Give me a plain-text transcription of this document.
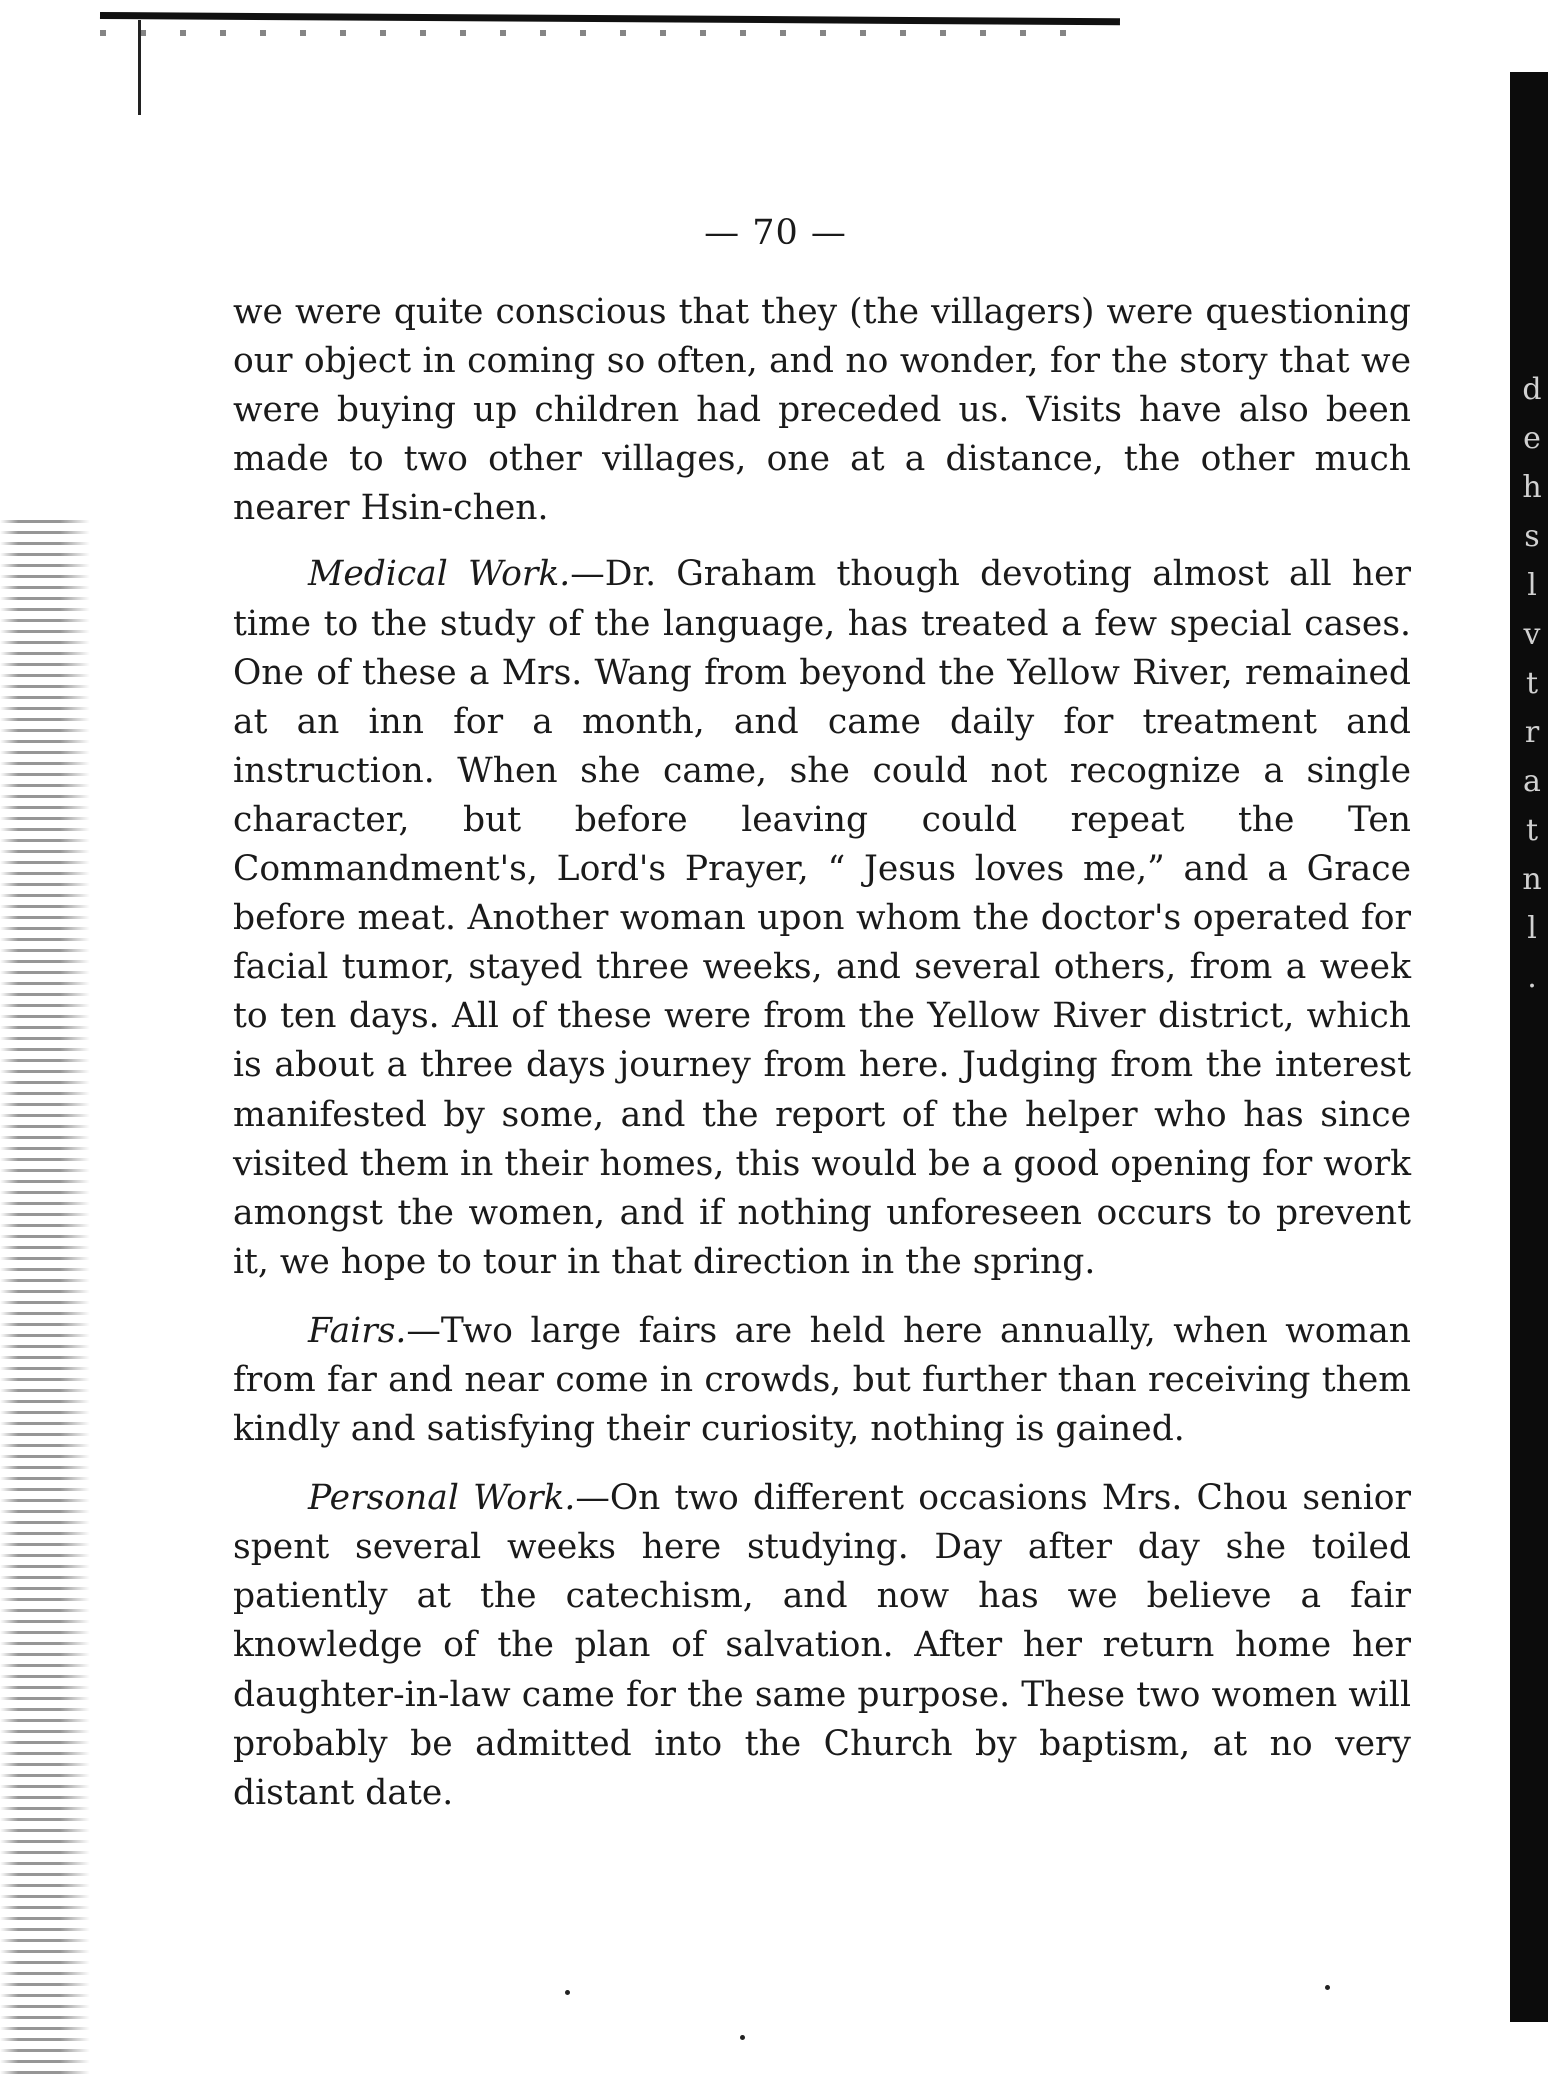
d
e
h
s
l
v
t
r
a
t
n
l
.
— 70 —

we were quite conscious that they (the villagers) were questioning our object in coming so often, and no wonder, for the story that we were buying up children had preceded us. Visits have also been made to two other villages, one at a distance, the other much nearer Hsin-chen.

Medical Work.—Dr. Graham though devoting almost all her time to the study of the language, has treated a few special cases. One of these a Mrs. Wang from beyond the Yellow River, remained at an inn for a month, and came daily for treatment and instruction. When she came, she could not recognize a single character, but before leaving could repeat the Ten Commandment's, Lord's Prayer, “ Jesus loves me,” and a Grace before meat. Another woman upon whom the doctor's operated for facial tumor, stayed three weeks, and several others, from a week to ten days. All of these were from the Yellow River district, which is about a three days journey from here. Judging from the interest manifested by some, and the report of the helper who has since visited them in their homes, this would be a good opening for work amongst the women, and if nothing unforeseen occurs to prevent it, we hope to tour in that direction in the spring.

Fairs.—Two large fairs are held here annually, when woman from far and near come in crowds, but further than receiving them kindly and satisfying their curiosity, nothing is gained.

Personal Work.—On two different occasions Mrs. Chou senior spent several weeks here studying. Day after day she toiled patiently at the catechism, and now has we believe a fair knowledge of the plan of salvation. After her return home her daughter-in-law came for the same purpose. These two women will probably be admitted into the Church by baptism, at no very distant date.
